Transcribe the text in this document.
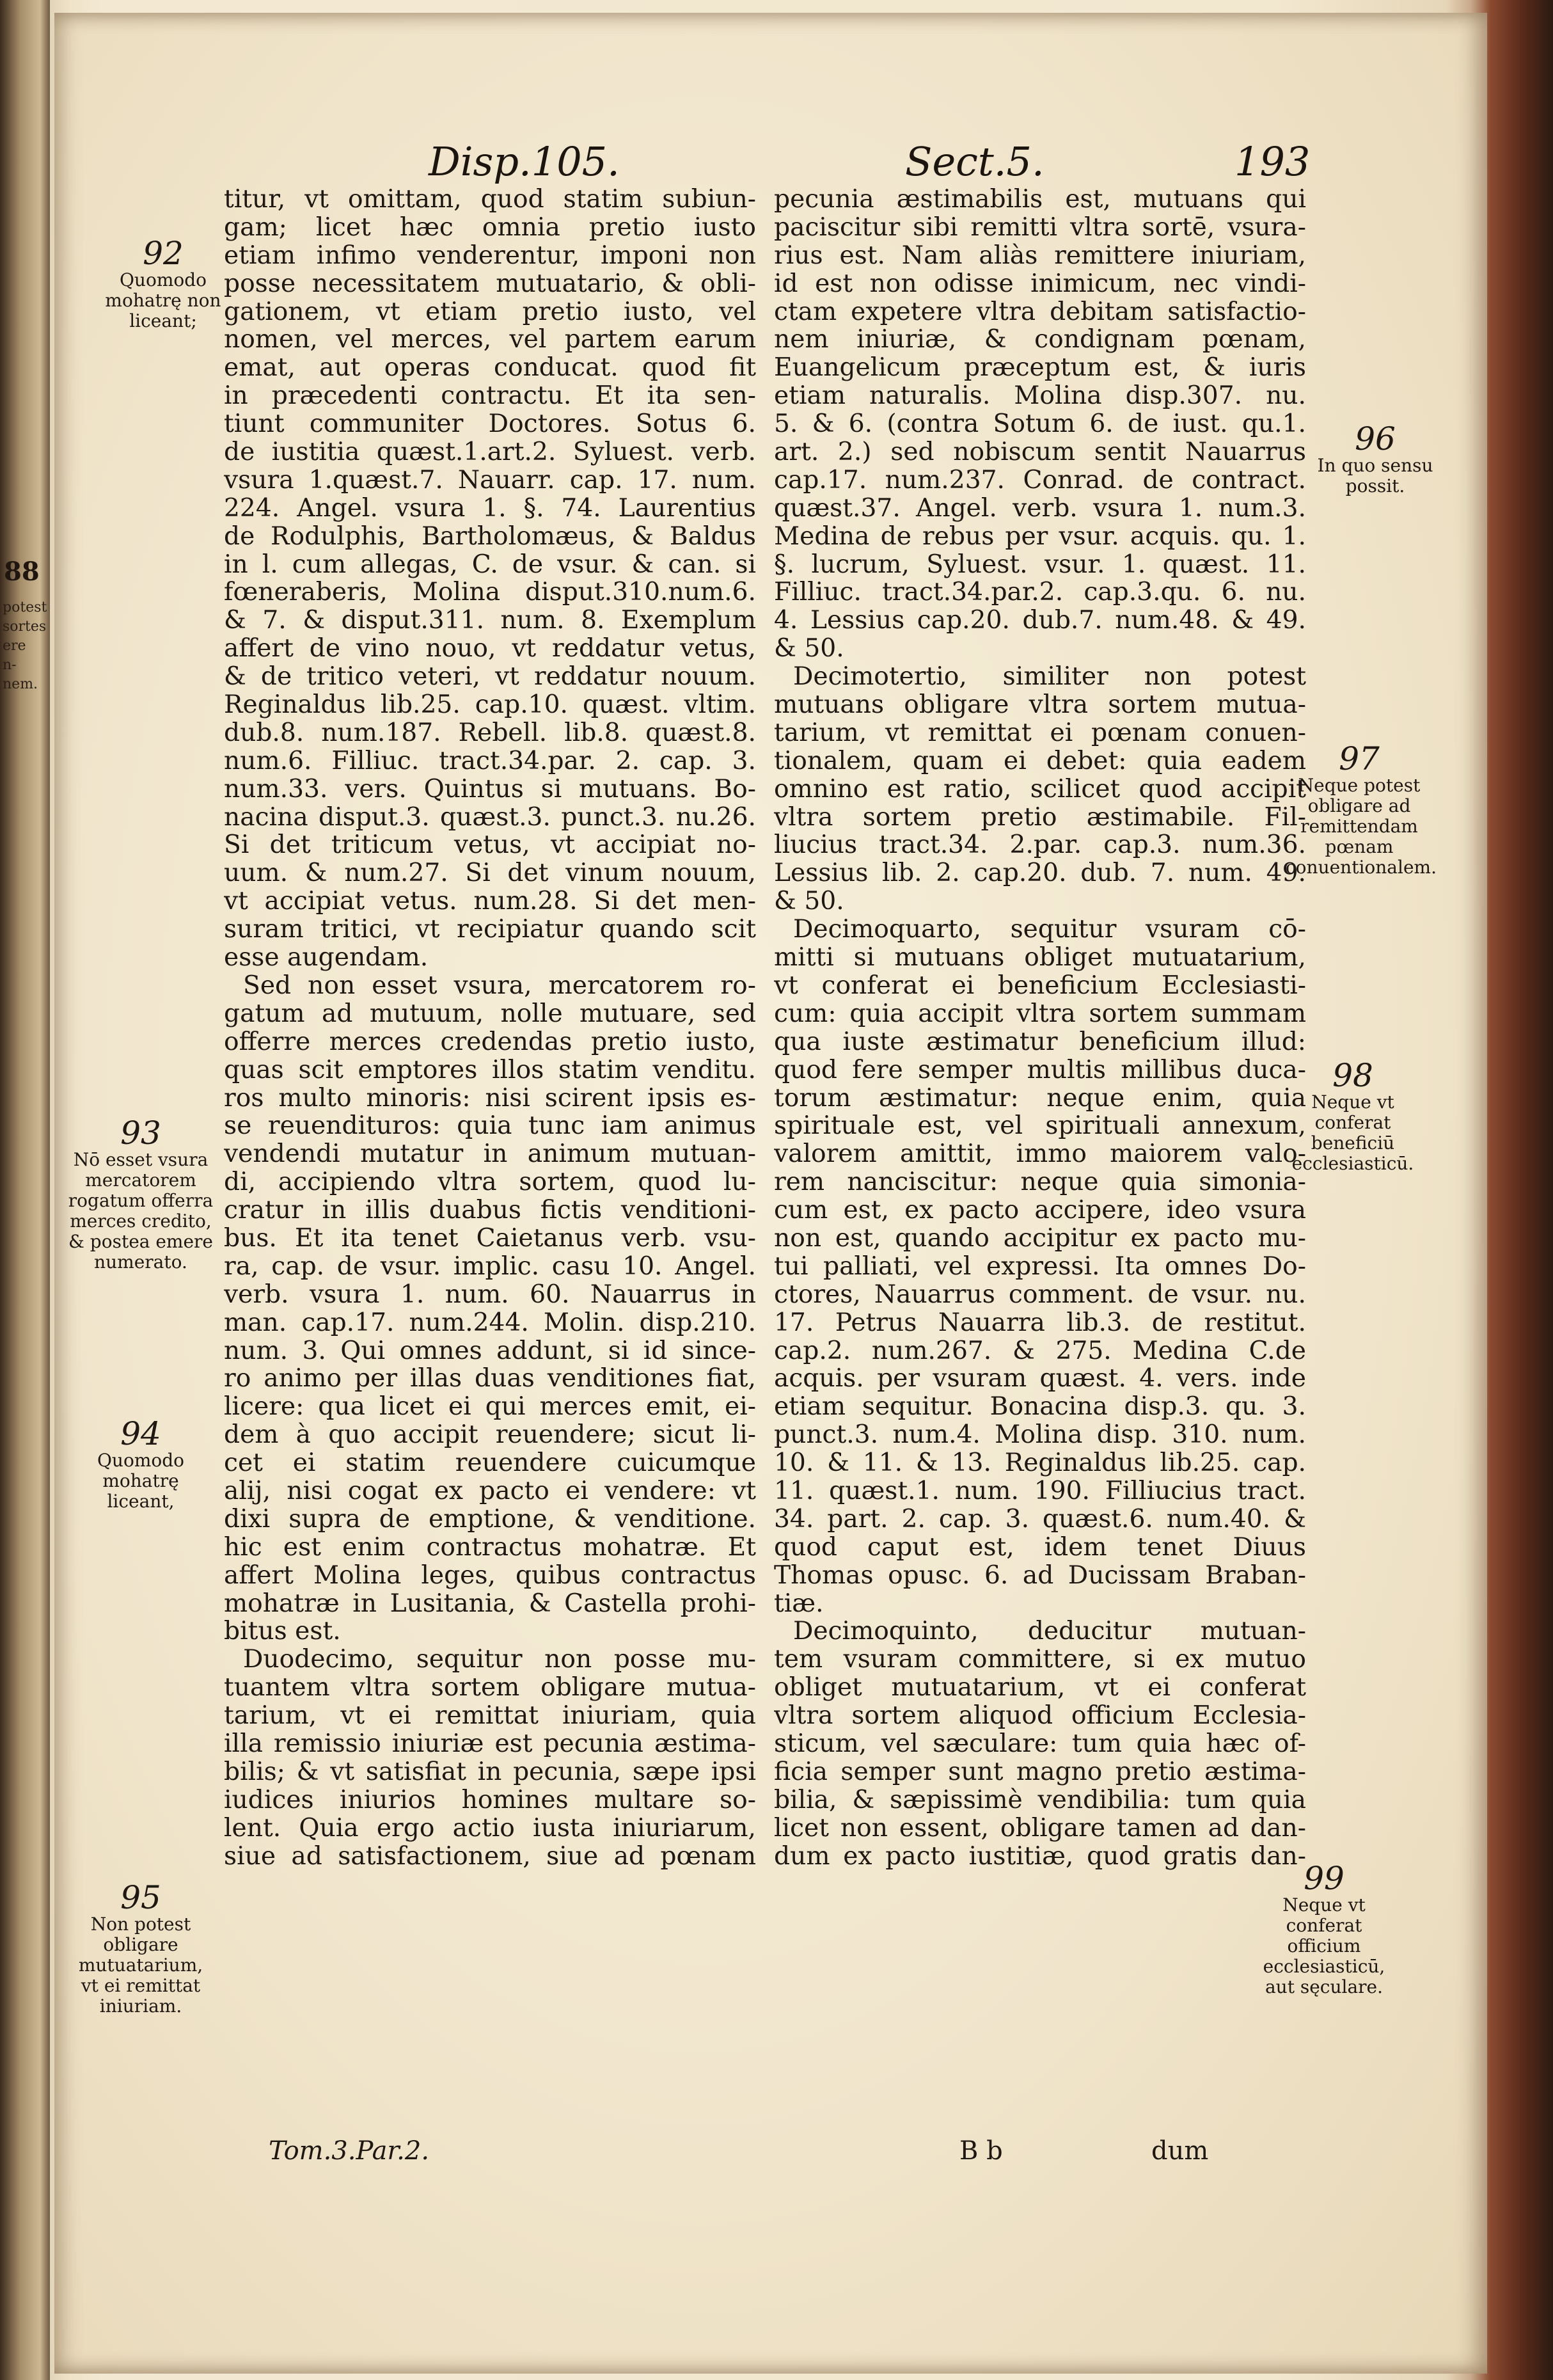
88
potest
sortes
ere n-
nem.
Disp.105.	Sect.5.	193
92
Quomodo mohatrę non liceant;
93
Nō esset vsura mercatorem rogatum offerra merces credito, & postea emere numerato.
94
Quomodo mohatrę liceant,
95
Non potest obligare mutuatarium, vt ei remittat iniuriam.
96
In quo sensu possit.
97
Neque potest obligare ad remittendam pœnam conuentionalem.
98
Neque vt conferat beneficiū ecclesiasticū.
99
Neque vt conferat officium ecclesiasticū, aut sęculare.
titur, vt omittam, quod statim subiun-
gam; licet hæc omnia pretio iusto
etiam infimo venderentur, imponi non
posse necessitatem mutuatario, & obli-
gationem, vt etiam pretio iusto, vel
nomen, vel merces, vel partem earum
emat, aut operas conducat. quod fit
in præcedenti contractu. Et ita sen-
tiunt communiter Doctores. Sotus 6.
de iustitia quæst.1.art.2. Syluest. verb.
vsura 1.quæst.7. Nauarr. cap. 17. num.
224. Angel. vsura 1. §. 74. Laurentius
de Rodulphis, Bartholomæus, & Baldus
in l. cum allegas, C. de vsur. & can. si
fœneraberis, Molina disput.310.num.6.
& 7. & disput.311. num. 8. Exemplum
affert de vino nouo, vt reddatur vetus,
& de tritico veteri, vt reddatur nouum.
Reginaldus lib.25. cap.10. quæst. vltim.
dub.8. num.187. Rebell. lib.8. quæst.8.
num.6. Filliuc. tract.34.par. 2. cap. 3.
num.33. vers. Quintus si mutuans. Bo-
nacina disput.3. quæst.3. punct.3. nu.26.
Si det triticum vetus, vt accipiat no-
uum. & num.27. Si det vinum nouum,
vt accipiat vetus. num.28. Si det men-
suram tritici, vt recipiatur quando scit
esse augendam.
Sed non esset vsura, mercatorem ro-
gatum ad mutuum, nolle mutuare, sed
offerre merces credendas pretio iusto,
quas scit emptores illos statim venditu.
ros multo minoris: nisi scirent ipsis es-
se reuendituros: quia tunc iam animus
vendendi mutatur in animum mutuan-
di, accipiendo vltra sortem, quod lu-
cratur in illis duabus fictis venditioni-
bus. Et ita tenet Caietanus verb. vsu-
ra, cap. de vsur. implic. casu 10. Angel.
verb. vsura 1. num. 60. Nauarrus in
man. cap.17. num.244. Molin. disp.210.
num. 3. Qui omnes addunt, si id sincе-
ro animo per illas duas venditiones fiat,
licere: qua licet ei qui merces emit, ei-
dem à quo accipit reuendere; sicut li-
cet ei statim reuendere cuicumque
alij, nisi cogat ex pacto ei vendere: vt
dixi supra de emptione, & venditione.
hic est enim contractus mohatræ. Et
affert Molina leges, quibus contractus
mohatræ in Lusitania, & Castella prohi-
bitus est.
Duodecimo, sequitur non posse mu-
tuantem vltra sortem obligare mutua-
tarium, vt ei remittat iniuriam, quia
illa remissio iniuriæ est pecunia æstima-
bilis; & vt satisfiat in pecunia, sæpe ipsi
iudices iniurios homines multare so-
lent. Quia ergo actio iusta iniuriarum,
siue ad satisfactionem, siue ad pœnam
pecunia æstimabilis est, mutuans qui
paciscitur sibi remitti vltra sortē, vsura-
rius est. Nam aliàs remittere iniuriam,
id est non odisse inimicum, nec vindi-
ctam expetere vltra debitam satisfactio-
nem iniuriæ, & condignam pœnam,
Euangelicum præceptum est, & iuris
etiam naturalis. Molina disp.307. nu.
5. & 6. (contra Sotum 6. de iust. qu.1.
art. 2.) sed nobiscum sentit Nauarrus
cap.17. num.237. Conrad. de contract.
quæst.37. Angel. verb. vsura 1. num.3.
Medina de rebus per vsur. acquis. qu. 1.
§. lucrum, Syluest. vsur. 1. quæst. 11.
Filliuc. tract.34.par.2. cap.3.qu. 6. nu.
4. Lessius cap.20. dub.7. num.48. & 49.
& 50.
Decimotertio, similiter non potest
mutuans obligare vltra sortem mutua-
tarium, vt remittat ei pœnam conuen-
tionalem, quam ei debet: quia eadem
omnino est ratio, scilicet quod accipit
vltra sortem pretio æstimabile. Fil-
liucius tract.34. 2.par. cap.3. num.36.
Lessius lib. 2. cap.20. dub. 7. num. 49.
& 50.
Decimoquarto, sequitur vsuram cō-
mitti si mutuans obliget mutuatarium,
vt conferat ei beneficium Ecclesiasti-
cum: quia accipit vltra sortem summam
qua iuste æstimatur beneficium illud:
quod fere semper multis millibus duca-
torum æstimatur: neque enim, quia
spirituale est, vel spirituali annexum,
valorem amittit, immo maiorem valo-
rem nanciscitur: neque quia simonia-
cum est, ex pacto accipere, ideo vsura
non est, quando accipitur ex pacto mu-
tui palliati, vel expressi. Ita omnes Do-
ctores, Nauarrus comment. de vsur. nu.
17. Petrus Nauarra lib.3. de restitut.
cap.2. num.267. & 275. Medina C.de
acquis. per vsuram quæst. 4. vers. inde
etiam sequitur. Bonacina disp.3. qu. 3.
punct.3. num.4. Molina disp. 310. num.
10. & 11. & 13. Reginaldus lib.25. cap.
11. quæst.1. num. 190. Filliucius tract.
34. part. 2. cap. 3. quæst.6. num.40. &
quod caput est, idem tenet Diuus
Thomas opusc. 6. ad Ducissam Braban-
tiæ.
Decimoquinto, deducitur mutuan-
tem vsuram committere, si ex mutuo
obliget mutuatarium, vt ei conferat
vltra sortem aliquod officium Ecclesia-
sticum, vel sæculare: tum quia hæc of-
ficia semper sunt magno pretio æstima-
bilia, & sæpissimè vendibilia: tum quia
licet non essent, obligare tamen ad dan-
dum ex pacto iustitiæ, quod gratis dan-
Tom.3.Par.2.	B b	dum
